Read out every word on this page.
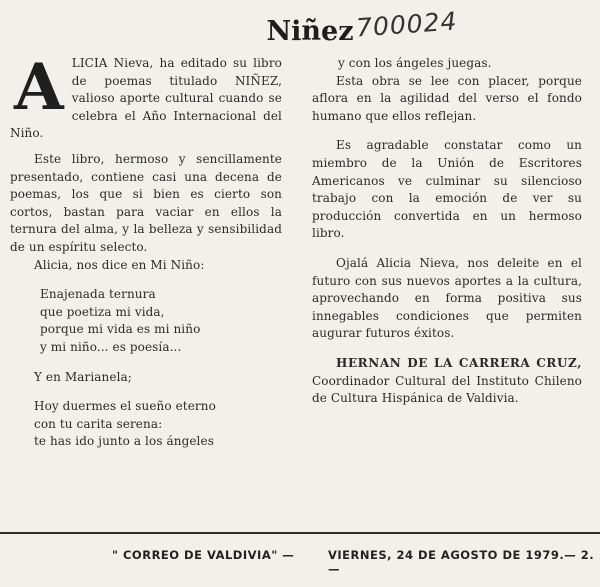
Niñez 700024
A LICIA Nieva, ha editado su libro de poemas titulado NIÑEZ, valioso aporte cultural cuando se celebra el Año Internacional del Niño.

Este libro, hermoso y sencillamente presentado, contiene casi una decena de poemas, los que si bien es cierto son cortos, bastan para vaciar en ellos la ternura del alma, y la belleza y sensibilidad de un espíritu selecto.

Alicia, nos dice en Mi Niño:

Enajenada ternura
que poetiza mi vida,
porque mi vida es mi niño
y mi niño... es poesía...

Y en Marianela;

Hoy duermes el sueño eterno
con tu carita serena:
te has ido junto a los ángeles
y con los ángeles juegas.

Esta obra se lee con placer, porque aflora en la agilidad del verso el fondo humano que ellos reflejan.

Es agradable constatar como un miembro de la Unión de Escritores Americanos ve culminar su silencioso trabajo con la emoción de ver su producción convertida en un hermoso libro.

Ojalá Alicia Nieva, nos deleite en el futuro con sus nuevos aportes a la cultura, aprovechando en forma positiva sus innegables condiciones que permiten augurar futuros éxitos.

HERNAN DE LA CARRERA CRUZ, Coordinador Cultural del Instituto Chileno de Cultura Hispánica de Valdivia.

" CORREO DE VALDIVIA" —	VIERNES, 24 DE AGOSTO DE 1979.— 2.—
